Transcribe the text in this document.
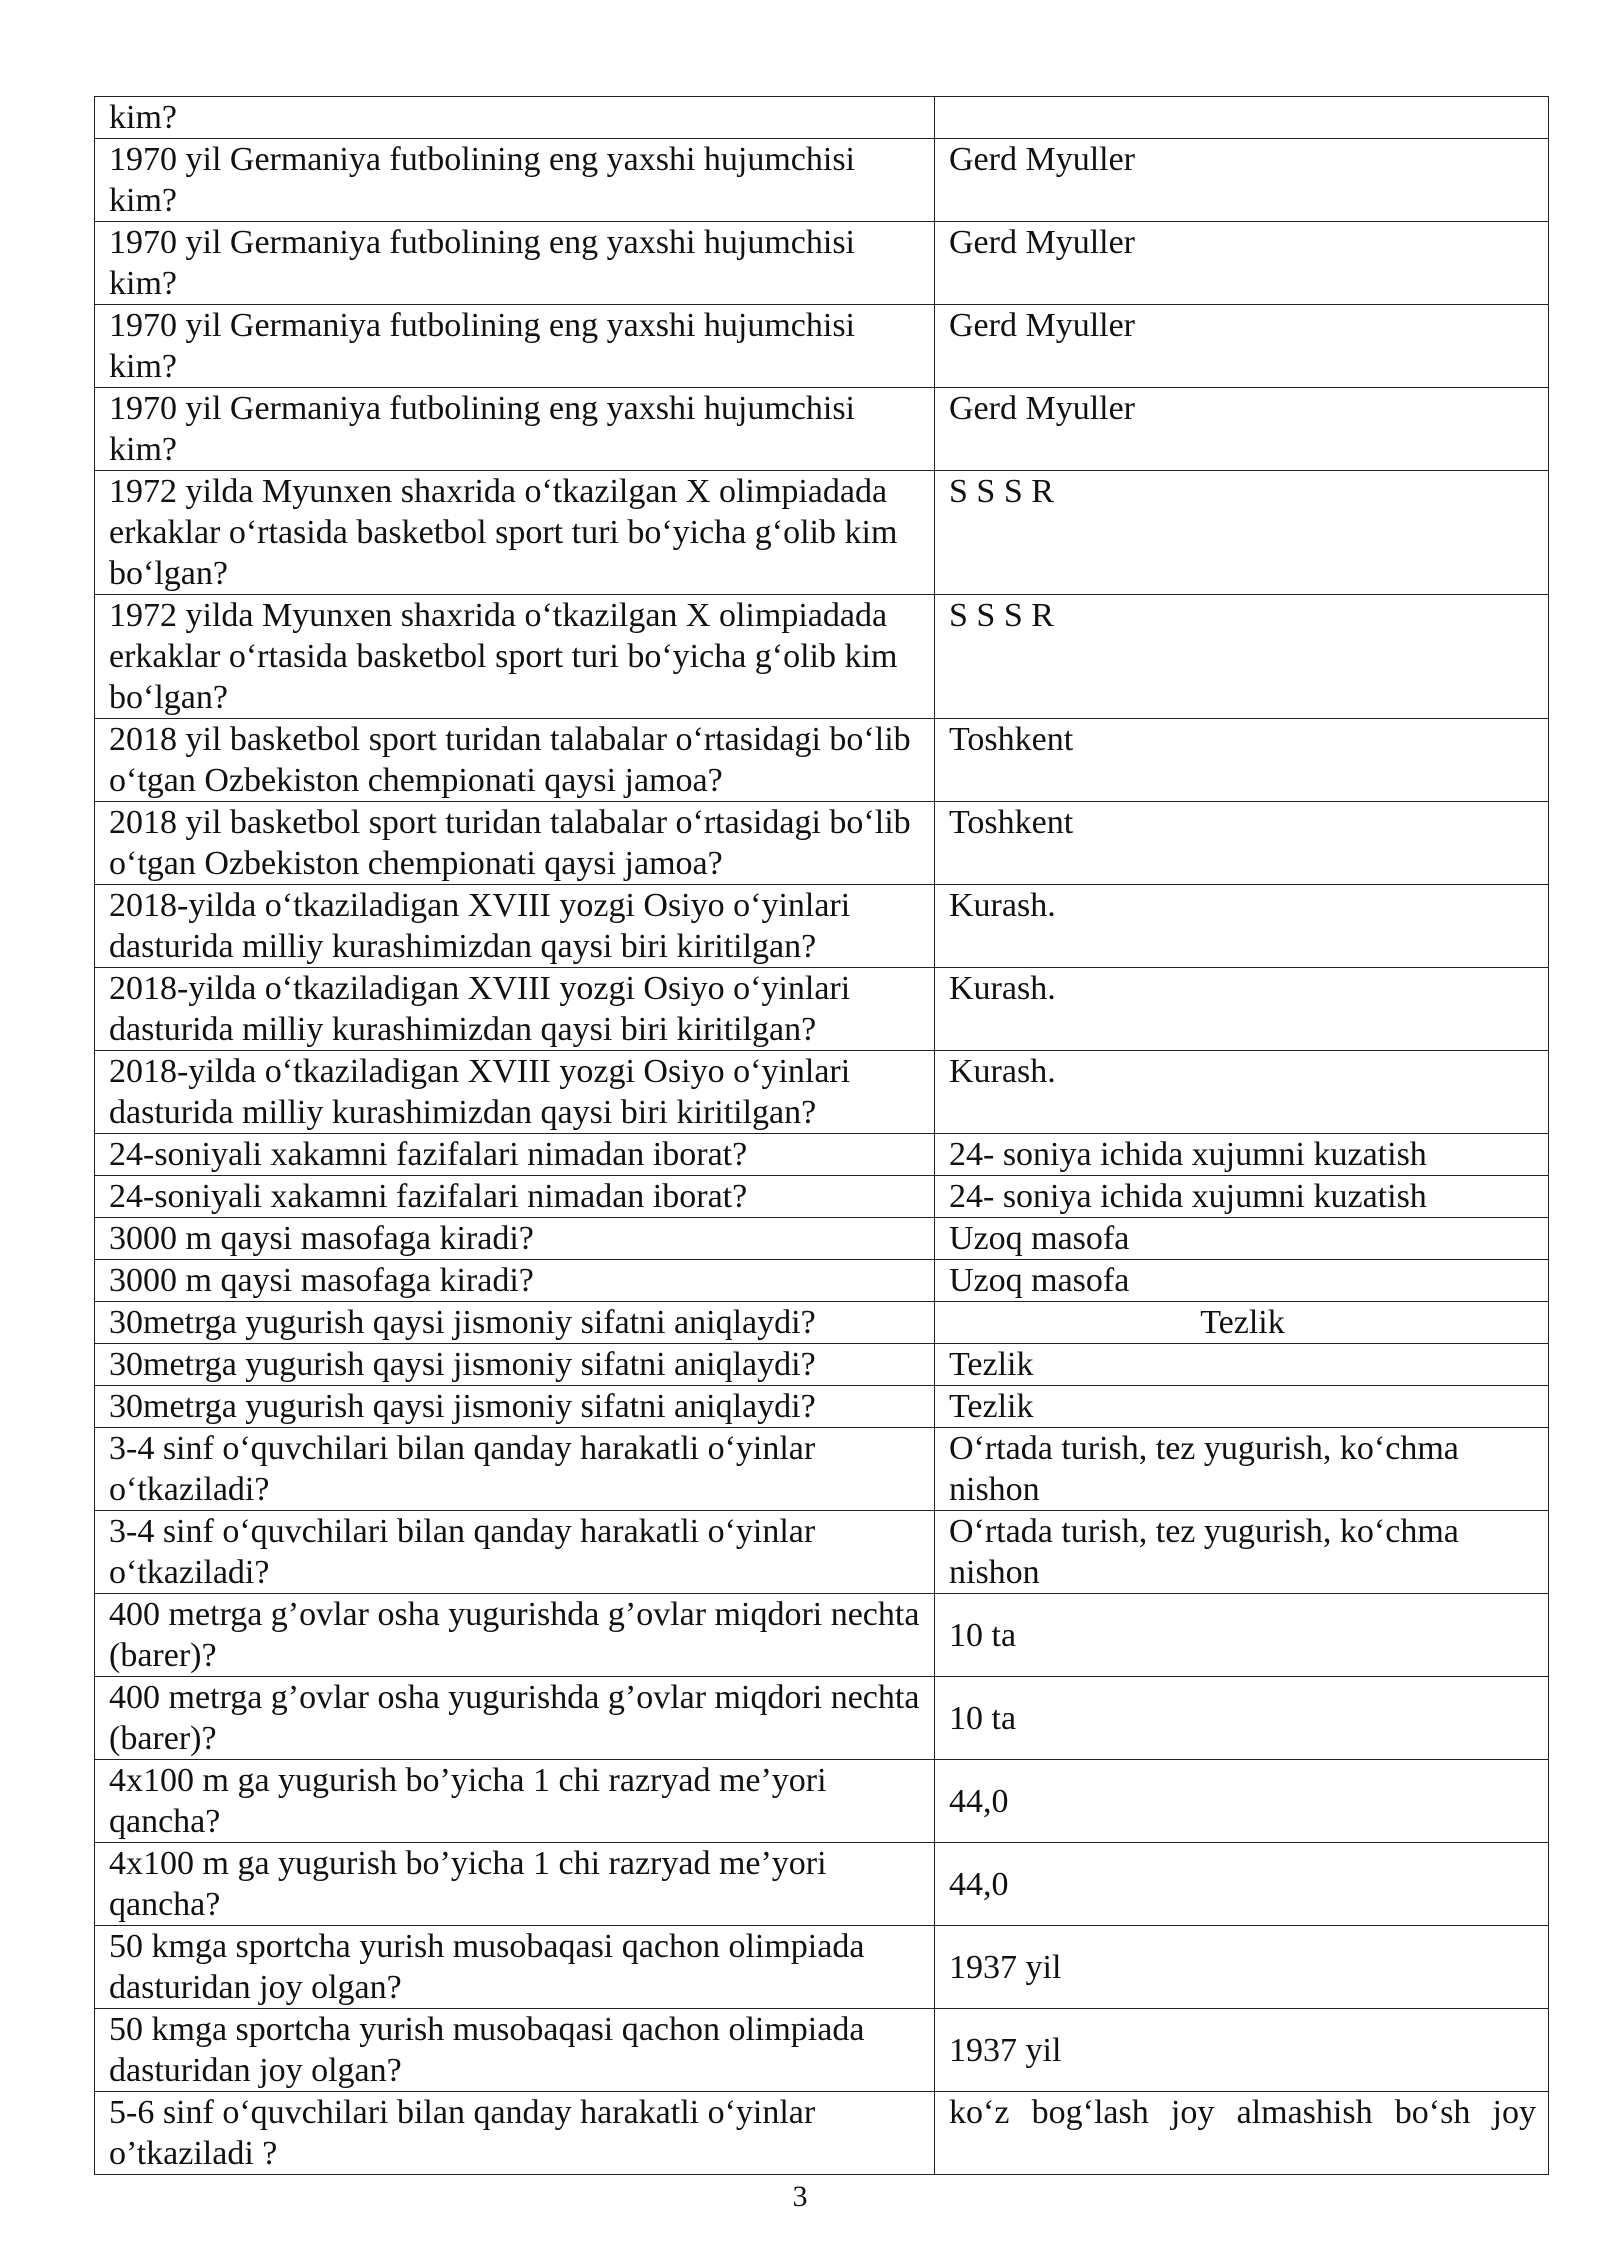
kim?	
1970 yil Germaniya futbolining eng yaxshi hujumchisi kim?	Gerd Myuller
1970 yil Germaniya futbolining eng yaxshi hujumchisi kim?	Gerd Myuller
1970 yil Germaniya futbolining eng yaxshi hujumchisi kim?	Gerd Myuller
1970 yil Germaniya futbolining eng yaxshi hujumchisi kim?	Gerd Myuller
1972 yilda Myunxen shaxrida o‘tkazilgan X olimpiadada erkaklar o‘rtasida basketbol sport turi bo‘yicha g‘olib kim bo‘lgan?	S S S R
1972 yilda Myunxen shaxrida o‘tkazilgan X olimpiadada erkaklar o‘rtasida basketbol sport turi bo‘yicha g‘olib kim bo‘lgan?	S S S R
2018 yil basketbol sport turidan talabalar o‘rtasidagi bo‘lib o‘tgan Ozbekiston chempionati qaysi jamoa?	Toshkent
2018 yil basketbol sport turidan talabalar o‘rtasidagi bo‘lib o‘tgan Ozbekiston chempionati qaysi jamoa?	Toshkent
2018-yilda o‘tkaziladigan XVIII yozgi Osiyo o‘yinlari dasturida milliy kurashimizdan qaysi biri kiritilgan?	Kurash.
2018-yilda o‘tkaziladigan XVIII yozgi Osiyo o‘yinlari dasturida milliy kurashimizdan qaysi biri kiritilgan?	Kurash.
2018-yilda o‘tkaziladigan XVIII yozgi Osiyo o‘yinlari dasturida milliy kurashimizdan qaysi biri kiritilgan?	Kurash.
24-soniyali xakamni fazifalari nimadan iborat?	24- soniya ichida xujumni kuzatish
24-soniyali xakamni fazifalari nimadan iborat?	24- soniya ichida xujumni kuzatish
3000 m qaysi masofaga kiradi?	Uzoq masofa
3000 m qaysi masofaga kiradi?	Uzoq masofa
30metrga yugurish qaysi jismoniy sifatni aniqlaydi?	Tezlik
30metrga yugurish qaysi jismoniy sifatni aniqlaydi?	Tezlik
30metrga yugurish qaysi jismoniy sifatni aniqlaydi?	Tezlik
3-4 sinf o‘quvchilari bilan qanday harakatli o‘yinlar o‘tkaziladi?	O‘rtada turish, tez yugurish, ko‘chma nishon
3-4 sinf o‘quvchilari bilan qanday harakatli o‘yinlar o‘tkaziladi?	O‘rtada turish, tez yugurish, ko‘chma nishon
400 metrga g’ovlar osha yugurishda g’ovlar miqdori nechta (barer)?	10 ta
400 metrga g’ovlar osha yugurishda g’ovlar miqdori nechta (barer)?	10 ta
4x100 m ga yugurish bo’yicha 1 chi razryad me’yori qancha?	44,0
4x100 m ga yugurish bo’yicha 1 chi razryad me’yori qancha?	44,0
50 kmga sportcha yurish musobaqasi qachon olimpiada dasturidan joy olgan?	1937 yil
50 kmga sportcha yurish musobaqasi qachon olimpiada dasturidan joy olgan?	1937 yil
5-6 sinf o‘quvchilari bilan qanday harakatli o‘yinlar o’tkaziladi ?	ko‘z bog‘lash joy almashish bo‘sh joy
3
